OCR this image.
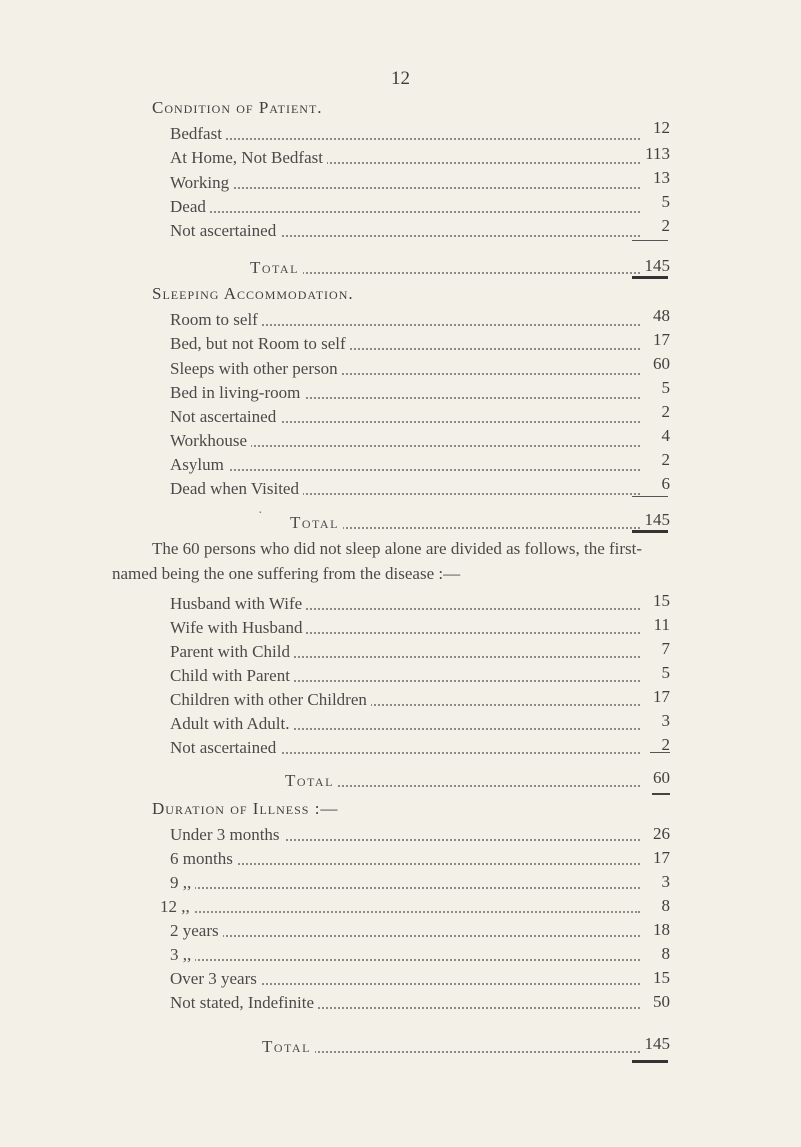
12
Condition of Patient.
Bedfast	12
At Home, Not Bedfast	113
Working	13
Dead	5
Not ascertained	2
Total	145
Sleeping Accommodation.
Room to self	48
Bed, but not Room to self	17
Sleeps with other person	60
Bed in living-room	5
Not ascertained	2
Workhouse	4
Asylum	2
Dead when Visited	6
· Total	145
The 60 persons who did not sleep alone are divided as follows, the first-
named being the one suffering from the disease :—
Husband with Wife	15
Wife with Husband	11
Parent with Child	7
Child with Parent	5
Children with other Children	17
Adult with Adult.	3
Not ascertained	2
Total	60
Duration of Illness :—
Under 3 months	26
6 months	17
9 ,,	3
12 ,,	8
2 years	18
3 ,,	8
Over 3 years	15
Not stated, Indefinite	50
Total	145
